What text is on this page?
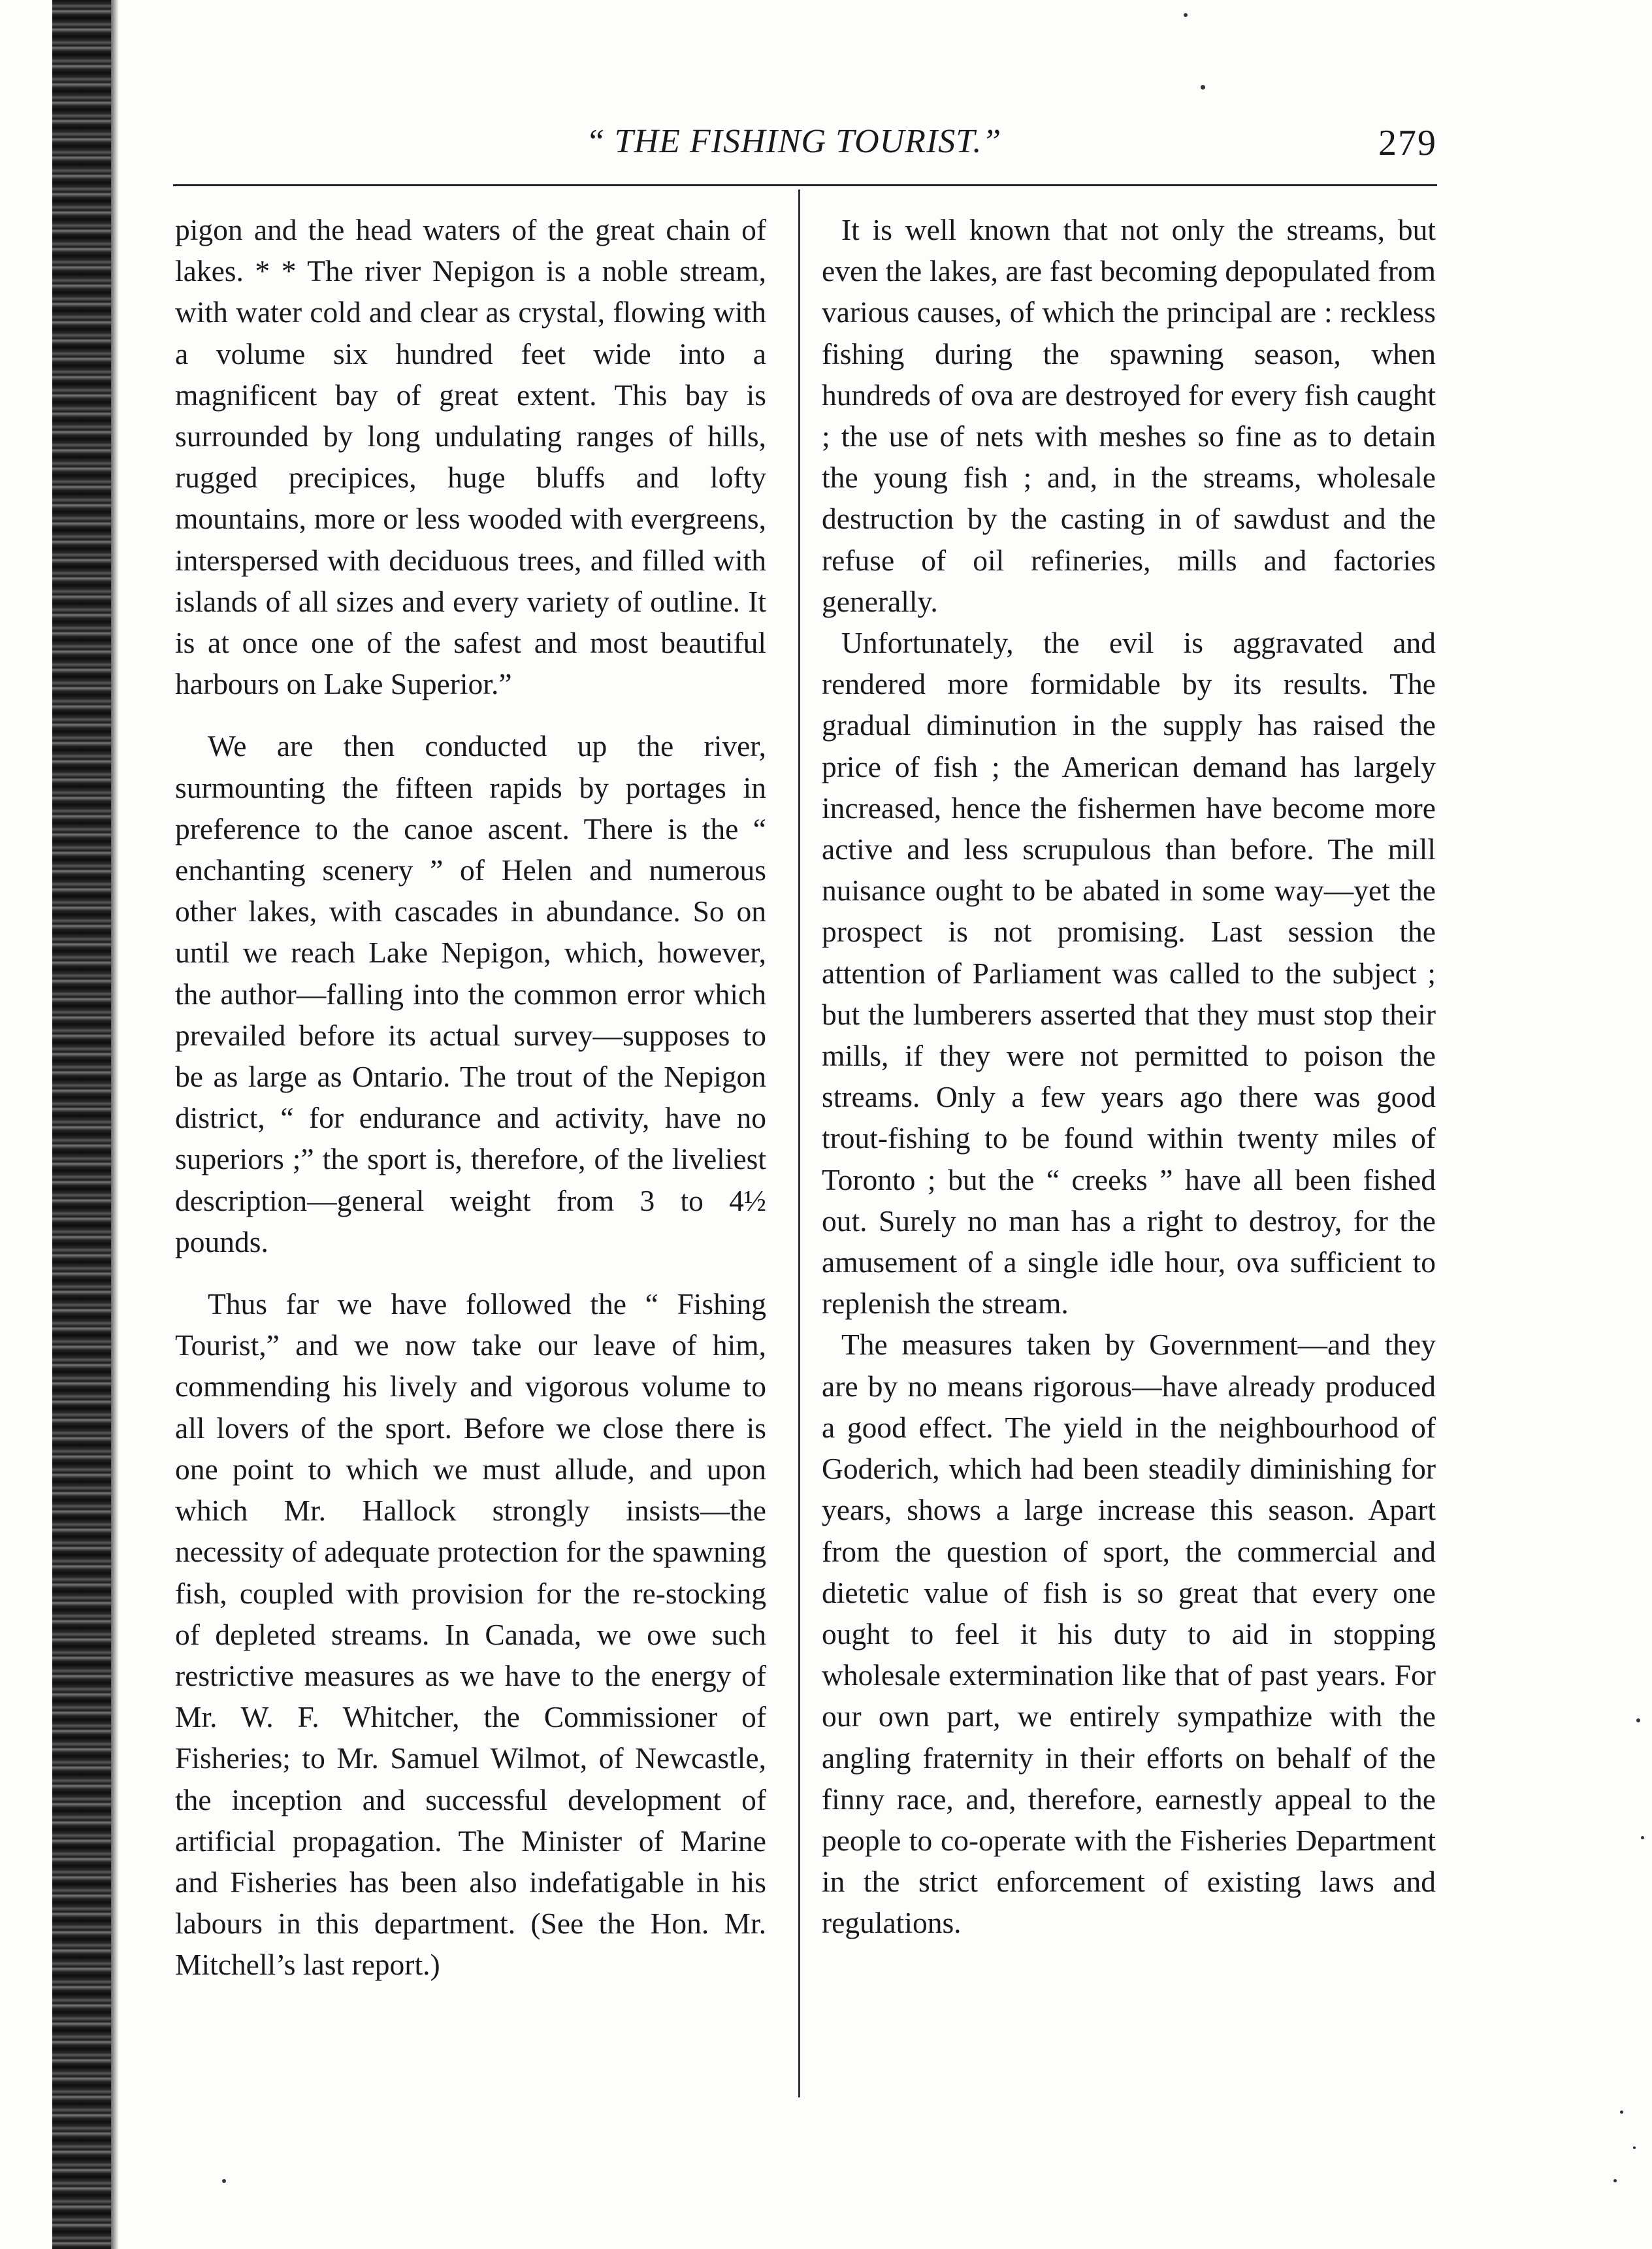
“ THE FISHING TOURIST.”	279

pigon and the head waters of the great chain of lakes. * * The river Nepigon is a noble stream, with water cold and clear as crystal, flowing with a volume six hundred feet wide into a magnificent bay of great extent. This bay is surrounded by long undulating ranges of hills, rugged precipices, huge bluffs and lofty mountains, more or less wooded with evergreens, interspersed with deciduous trees, and filled with islands of all sizes and every variety of outline. It is at once one of the safest and most beautiful harbours on Lake Superior.”

We are then conducted up the river, surmounting the fifteen rapids by portages in preference to the canoe ascent. There is the “ enchanting scenery ” of Helen and numerous other lakes, with cascades in abundance. So on until we reach Lake Nepigon, which, however, the author—falling into the common error which prevailed before its actual survey—supposes to be as large as Ontario. The trout of the Nepigon district, “ for endurance and activity, have no superiors ;” the sport is, therefore, of the liveliest description—general weight from 3 to 4½ pounds.

Thus far we have followed the “ Fishing Tourist,” and we now take our leave of him, commending his lively and vigorous volume to all lovers of the sport. Before we close there is one point to which we must allude, and upon which Mr. Hallock strongly insists—the necessity of adequate protection for the spawning fish, coupled with provision for the re-stocking of depleted streams. In Canada, we owe such restrictive measures as we have to the energy of Mr. W. F. Whitcher, the Commissioner of Fisheries; to Mr. Samuel Wilmot, of Newcastle, the inception and successful development of artificial propagation. The Minister of Marine and Fisheries has been also indefatigable in his labours in this department. (See the Hon. Mr. Mitchell’s last report.)

It is well known that not only the streams, but even the lakes, are fast becoming depopulated from various causes, of which the principal are : reckless fishing during the spawning season, when hundreds of ova are destroyed for every fish caught ; the use of nets with meshes so fine as to detain the young fish ; and, in the streams, wholesale destruction by the casting in of sawdust and the refuse of oil refineries, mills and factories generally.

Unfortunately, the evil is aggravated and rendered more formidable by its results. The gradual diminution in the supply has raised the price of fish ; the American demand has largely increased, hence the fishermen have become more active and less scrupulous than before. The mill nuisance ought to be abated in some way—yet the prospect is not promising. Last session the attention of Parliament was called to the subject ; but the lumberers asserted that they must stop their mills, if they were not permitted to poison the streams. Only a few years ago there was good trout-fishing to be found within twenty miles of Toronto ; but the “ creeks ” have all been fished out. Surely no man has a right to destroy, for the amusement of a single idle hour, ova sufficient to replenish the stream.

The measures taken by Government—and they are by no means rigorous—have already produced a good effect. The yield in the neighbourhood of Goderich, which had been steadily diminishing for years, shows a large increase this season. Apart from the question of sport, the commercial and dietetic value of fish is so great that every one ought to feel it his duty to aid in stopping wholesale extermination like that of past years. For our own part, we entirely sympathize with the angling fraternity in their efforts on behalf of the finny race, and, therefore, earnestly appeal to the people to co-operate with the Fisheries Department in the strict enforcement of existing laws and regulations.
